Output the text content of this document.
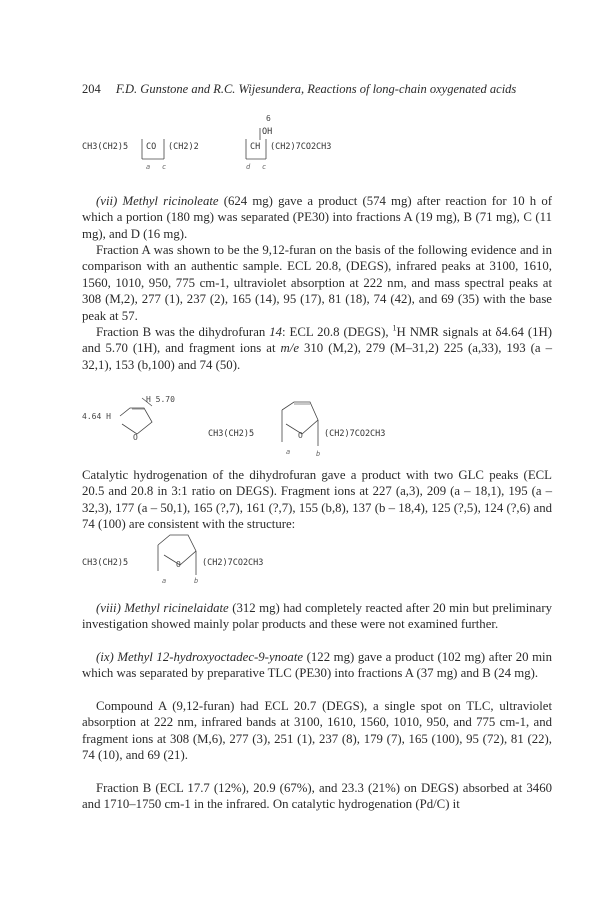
204 F.D. Gunstone and R.C. Wijesundera, Reactions of long-chain oxygenated acids
6
OH
CH3(CH2)5 CO (CH2)2	CH (CH2)7CO2CH3
a c	d c

(vii) Methyl ricinoleate (624 mg) gave a product (574 mg) after reaction for 10 h of which a portion (180 mg) was separated (PE30) into fractions A (19 mg), B (71 mg), C (11 mg), and D (16 mg).

Fraction A was shown to be the 9,12-furan on the basis of the following evidence and in comparison with an authentic sample. ECL 20.8, (DEGS), infrared peaks at 3100, 1610, 1560, 1010, 950, 775 cm-1, ultraviolet absorption at 222 nm, and mass spectral peaks at 308 (M,2), 277 (1), 237 (2), 165 (14), 95 (17), 81 (18), 74 (42), and 69 (35) with the base peak at 57.

Fraction B was the dihydrofuran 14: ECL 20.8 (DEGS), $^1$H NMR signals at δ4.64 (1H) and 5.70 (1H), and fragment ions at m/e 310 (M,2), 279 (M–31,2) 225 (a,33), 193 (a – 32,1), 153 (b,100) and 74 (50).

H 5.70
4.64 H
O	CH3(CH2)5	O (CH2)7CO2CH3
a	b

Catalytic hydrogenation of the dihydrofuran gave a product with two GLC peaks (ECL 20.5 and 20.8 in 3:1 ratio on DEGS). Fragment ions at 227 (a,3), 209 (a – 18,1), 195 (a – 32,3), 177 (a – 50,1), 165 (?,7), 161 (?,7), 155 (b,8), 137 (b – 18,4), 125 (?,5), 124 (?,6) and 74 (100) are consistent with the structure:

CH3(CH2)5	O (CH2)7CO2CH3
a	b

(viii) Methyl ricinelaidate (312 mg) had completely reacted after 20 min but preliminary investigation showed mainly polar products and these were not examined further.

(ix) Methyl 12-hydroxyoctadec-9-ynoate (122 mg) gave a product (102 mg) after 20 min which was separated by preparative TLC (PE30) into fractions A (37 mg) and B (24 mg).

Compound A (9,12-furan) had ECL 20.7 (DEGS), a single spot on TLC, ultraviolet absorption at 222 nm, infrared bands at 3100, 1610, 1560, 1010, 950, and 775 cm-1, and fragment ions at 308 (M,6), 277 (3), 251 (1), 237 (8), 179 (7), 165 (100), 95 (72), 81 (22), 74 (10), and 69 (21).

Fraction B (ECL 17.7 (12%), 20.9 (67%), and 23.3 (21%) on DEGS) absorbed at 3460 and 1710–1750 cm-1 in the infrared. On catalytic hydrogenation (Pd/C) it
